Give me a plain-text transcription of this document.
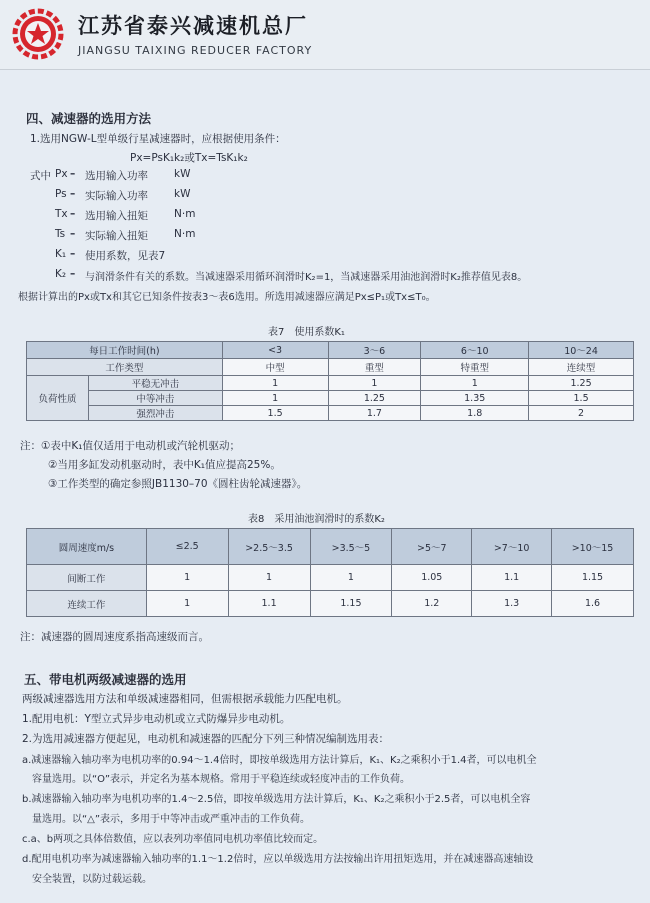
江苏省泰兴减速机总厂
JIANGSU TAIXING REDUCER FACTORY
四、减速器的选用方法
1.选用NGW-L型单级行星减速器时，应根据使用条件：
Px=PsK₁k₂或Tx=TsK₁k₂
式中 Px – 选用输入功率 kW
Ps – 实际输入功率 kW
Tx – 选用输入扭矩 N·m
Ts – 实际输入扭矩 N·m
K₁ – 使用系数，见表7
K₂ – 与润滑条件有关的系数。当减速器采用循环润滑时K₂=1，当减速器采用油池润滑时K₂推荐值见表8。
根据计算出的Px或Tx和其它已知条件按表3～表6选用。所选用减速器应满足Px≤P₁或Tx≤T₀。
表7　使用系数K₁
每日工作时间(h)		<3	3～6	6～10	10～24
工作类型		中型	重型	特重型	连续型
负荷性质	平稳无冲击	1	1	1	1.25
	中等冲击	1	1.25	1.35	1.5
	强烈冲击	1.5	1.7	1.8	2
注：①表中K₁值仅适用于电动机或汽轮机驱动；
②当用多缸发动机驱动时，表中K₁值应提高25%。
③工作类型的确定参照JB1130–70《圆柱齿轮减速器》。
表8　采用油池润滑时的系数K₂
圆周速度m/s	≤2.5	>2.5～3.5	>3.5～5	>5～7	>7～10	>10～15
间断工作	1	1	1	1.05	1.1	1.15
连续工作	1	1.1	1.15	1.2	1.3	1.6
注：减速器的圆周速度系指高速级而言。
五、带电机两级减速器的选用
两级减速器选用方法和单级减速器相同，但需根据承载能力匹配电机。
1.配用电机：Y型立式异步电动机或立式防爆异步电动机。
2.为选用减速器方便起见，电动机和减速器的匹配分下列三种情况编制选用表：
a.减速器输入轴功率为电机功率的0.94～1.4倍时，即按单级选用方法计算后，K₁、K₂之乘积小于1.4者，可以电机全
容量选用。以“O”表示，并定名为基本规格。常用于平稳连续或轻度冲击的工作负荷。
b.减速器输入轴功率为电机功率的1.4～2.5倍，即按单级选用方法计算后，K₁、K₂之乘积小于2.5者，可以电机全容
量选用。以“△”表示，多用于中等冲击或严重冲击的工作负荷。
c.a、b两项之具体倍数值，应以表列功率值同电机功率值比较而定。
d.配用电机功率为减速器输入轴功率的1.1～1.2倍时，应以单级选用方法按输出许用扭矩选用，并在减速器高速轴设
安全装置，以防过载运载。
